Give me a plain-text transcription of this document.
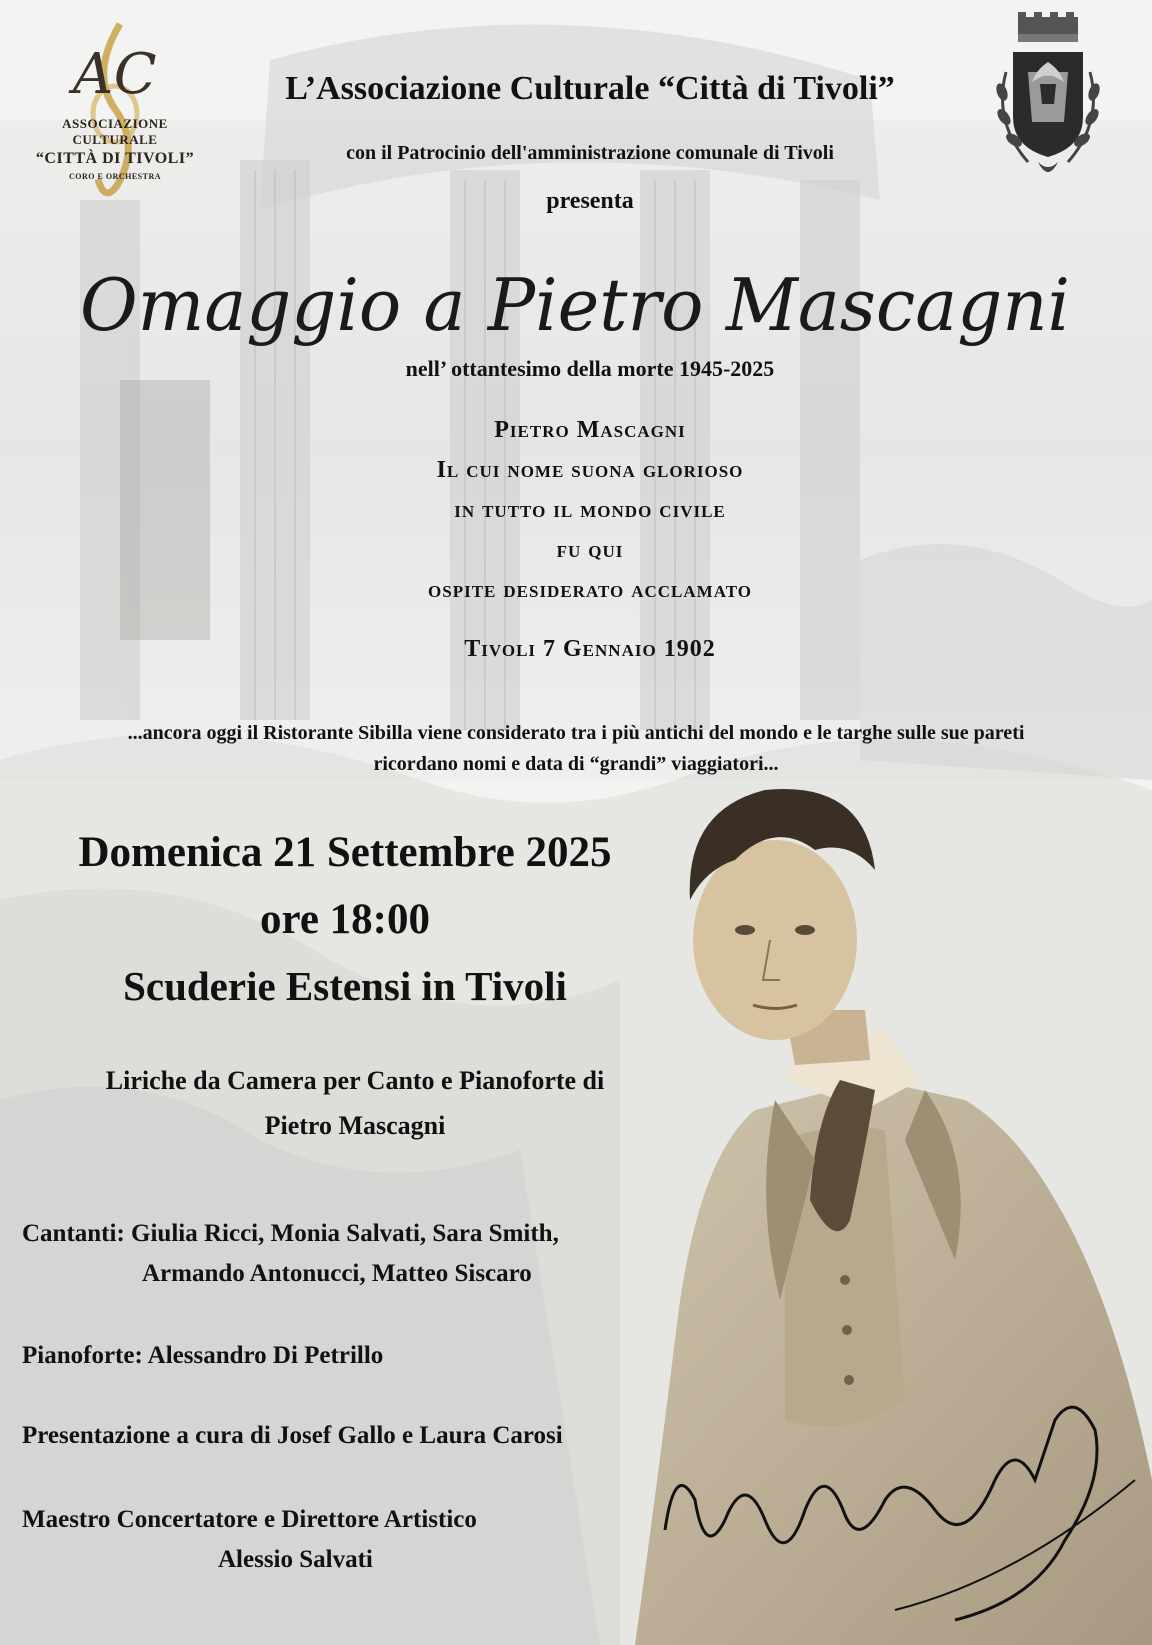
AC
ASSOCIAZIONE
CULTURALE
“CITTÀ DI TIVOLI”
CORO E ORCHESTRA
L’Associazione Culturale “Città di Tivoli”
con il Patrocinio dell'amministrazione comunale di Tivoli
presenta
Omaggio a Pietro Mascagni
nell’ ottantesimo della morte 1945-2025
Pietro Mascagni
Il cui nome suona glorioso
in tutto il mondo civile
fu qui
ospite desiderato acclamato
Tivoli 7 Gennaio 1902
...ancora oggi il Ristorante Sibilla viene considerato tra i più antichi del mondo e le targhe sulle sue pareti
ricordano nomi e data di “grandi” viaggiatori...
Domenica 21 Settembre 2025
ore 18:00
Scuderie Estensi in Tivoli
Liriche da Camera per Canto e Pianoforte di
Pietro Mascagni
Cantanti: Giulia Ricci, Monia Salvati, Sara Smith,
Armando Antonucci, Matteo Siscaro
Pianoforte: Alessandro Di Petrillo
Presentazione a cura di Josef Gallo e Laura Carosi
Maestro Concertatore e Direttore Artistico
Alessio Salvati
